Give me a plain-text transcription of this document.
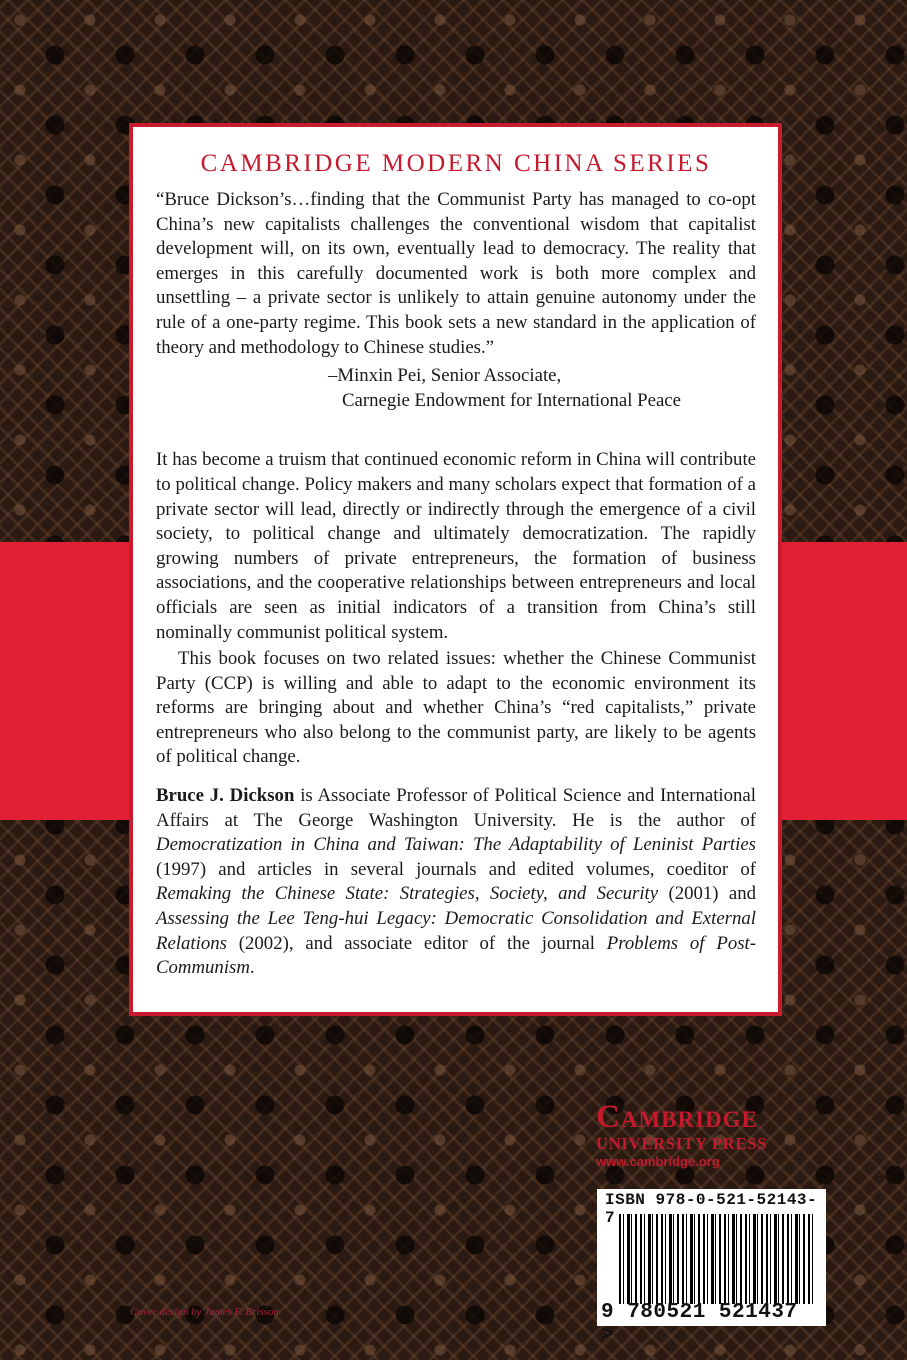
CAMBRIDGE MODERN CHINA SERIES

“Bruce Dickson’s…finding that the Communist Party has managed to co-opt China’s new capitalists challenges the conventional wisdom that capitalist development will, on its own, eventually lead to democracy. The reality that emerges in this carefully documented work is both more complex and unsettling – a private sector is unlikely to attain genuine autonomy under the rule of a one-party regime. This book sets a new standard in the application of theory and methodology to Chinese studies.”

–Minxin Pei, Senior Associate,
Carnegie Endowment for International Peace

It has become a truism that continued economic reform in China will contribute to political change. Policy makers and many scholars expect that formation of a private sector will lead, directly or indirectly through the emergence of a civil society, to political change and ultimately democratization. The rapidly growing numbers of private entrepreneurs, the formation of business associations, and the cooperative relationships between entrepreneurs and local officials are seen as initial indicators of a transition from China’s still nominally communist political system.

This book focuses on two related issues: whether the Chinese Communist Party (CCP) is willing and able to adapt to the economic environment its reforms are bringing about and whether China’s “red capitalists,” private entrepreneurs who also belong to the communist party, are likely to be agents of political change.

Bruce J. Dickson is Associate Professor of Political Science and International Affairs at The George Washington University. He is the author of Democratization in China and Taiwan: The Adaptability of Leninist Parties (1997) and articles in several journals and edited volumes, coeditor of Remaking the Chinese State: Strategies, Society, and Security (2001) and Assessing the Lee Teng-hui Legacy: Democratic Consolidation and External Relations (2002), and associate editor of the journal Problems of Post-Communism.

Cambridge
UNIVERSITY PRESS
www.cambridge.org
ISBN 978-0-521-52143-7
9 780521 521437 >
Cover design by James F. Brisson
